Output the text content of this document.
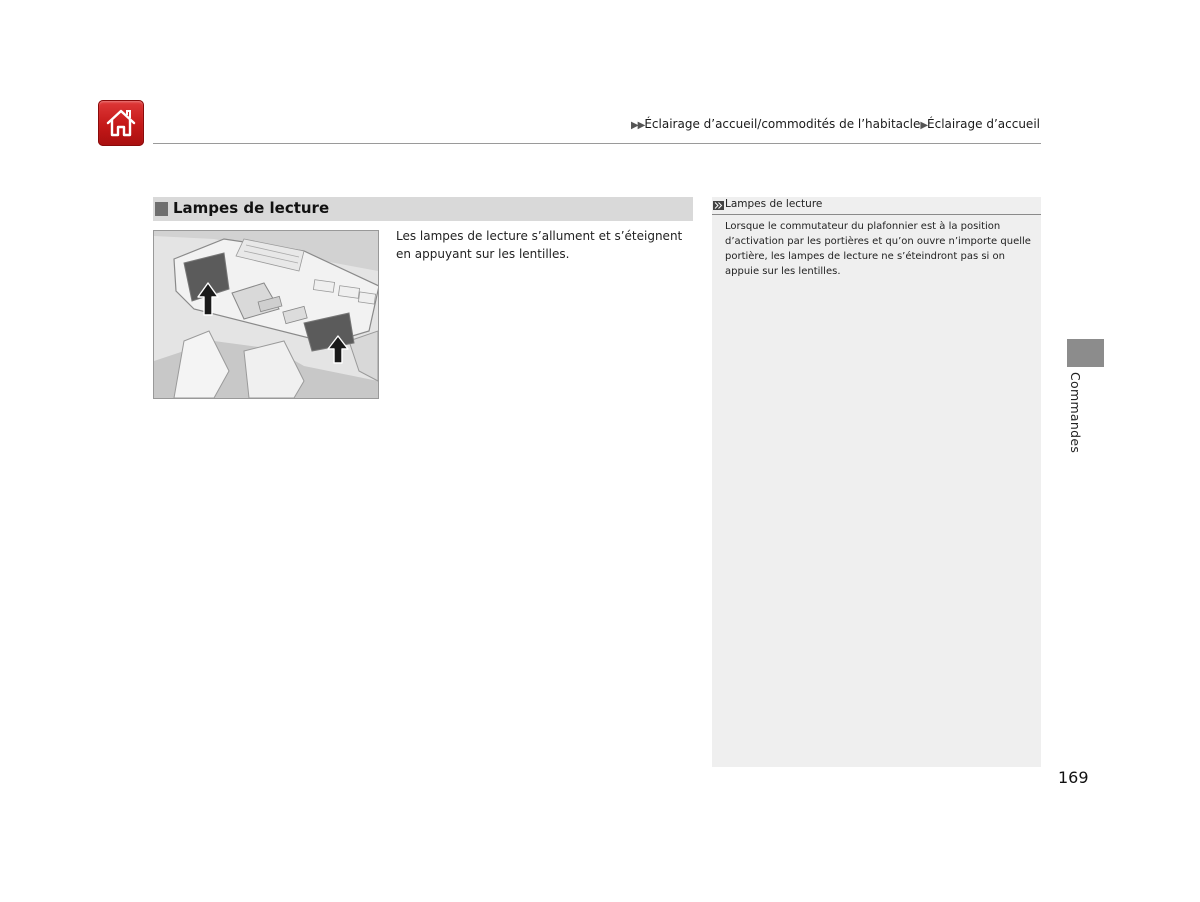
▶▶Éclairage d’accueil/commodités de l’habitacle▶Éclairage d’accueil
Lampes de lecture
Les lampes de lecture s’allument et s’éteignent en appuyant sur les lentilles.
Lampes de lecture
Lorsque le commutateur du plafonnier est à la position d’activation par les portières et qu’on ouvre n’importe quelle portière, les lampes de lecture ne s’éteindront pas si on appuie sur les lentilles.
Commandes
169
